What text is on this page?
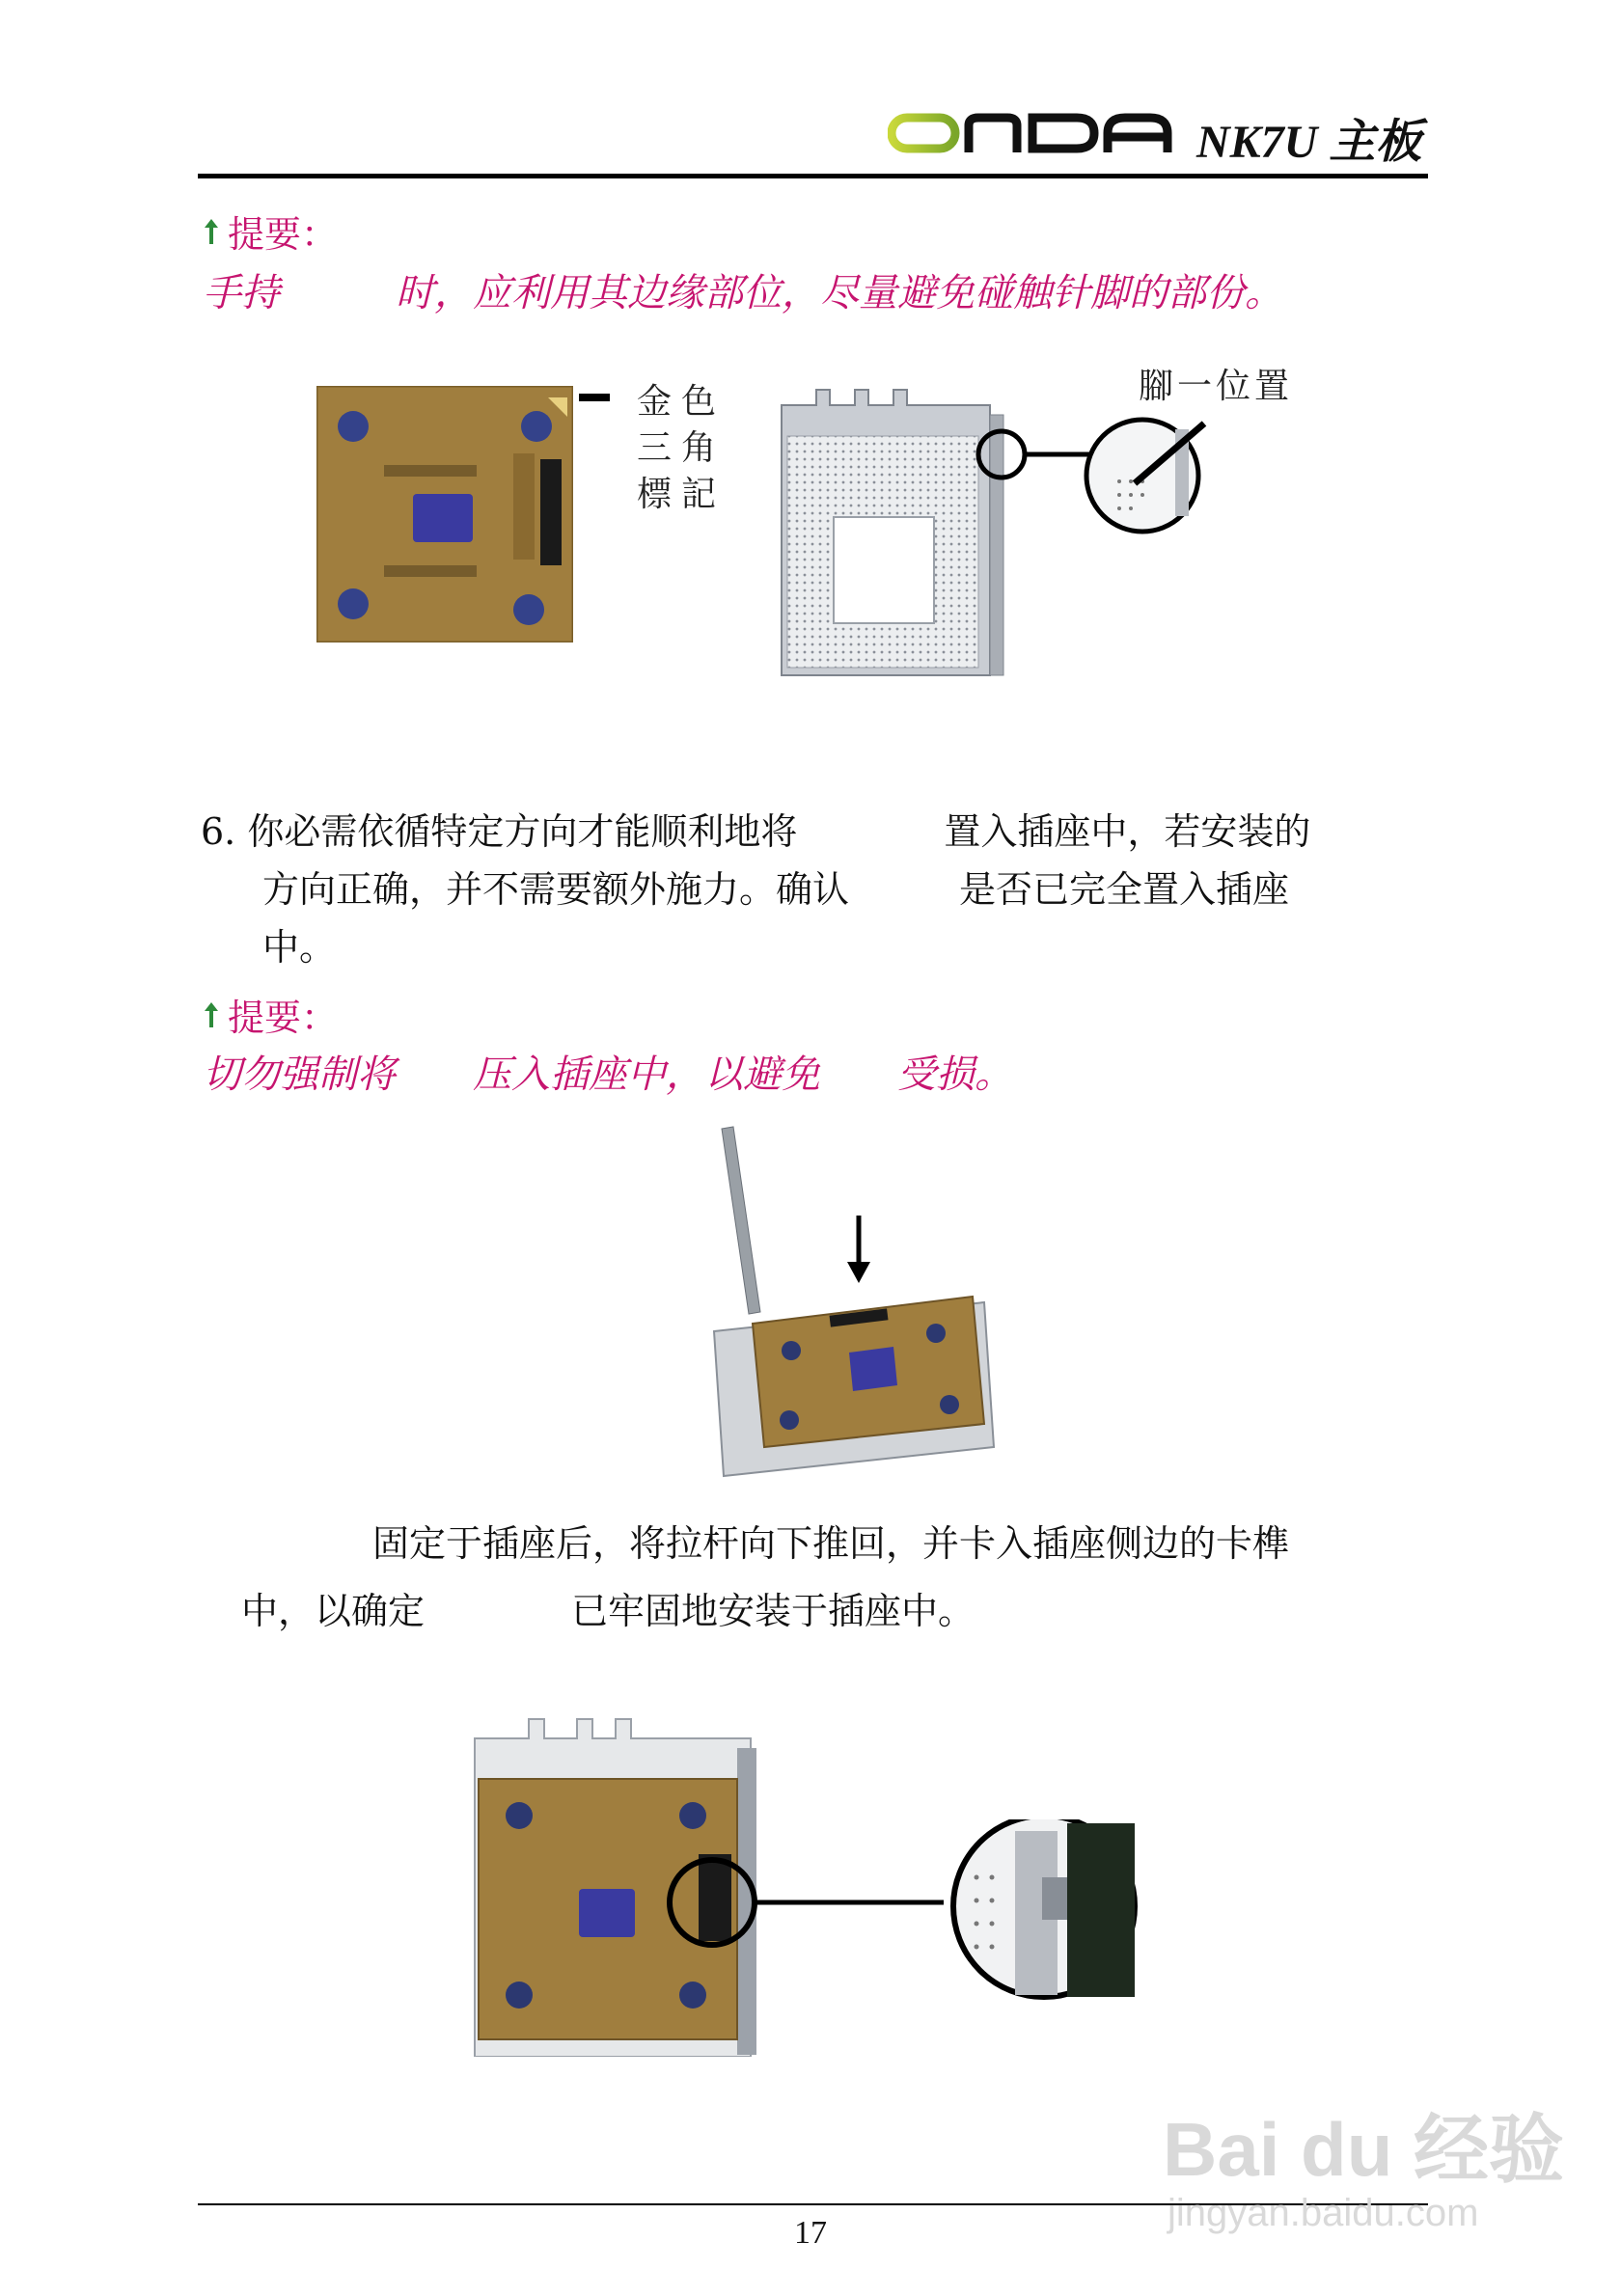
NK7U 主板
提要：
手持　　　时，应利用其边缘部位，尽量避免碰触针脚的部份。
金色
三角
標記
腳一位置
6. 你必需依循特定方向才能顺利地将　　　　置入插座中，若安装的
方向正确，并不需要额外施力。确认　　　是否已完全置入插座
中。
提要：
切勿强制将　　压入插座中，以避免　　受损。
　　　固定于插座后，将拉杆向下推回，并卡入插座侧边的卡榫
中，以确定　　　　已牢固地安装于插座中。
17
Bai du 经验
jingyan.baidu.com
